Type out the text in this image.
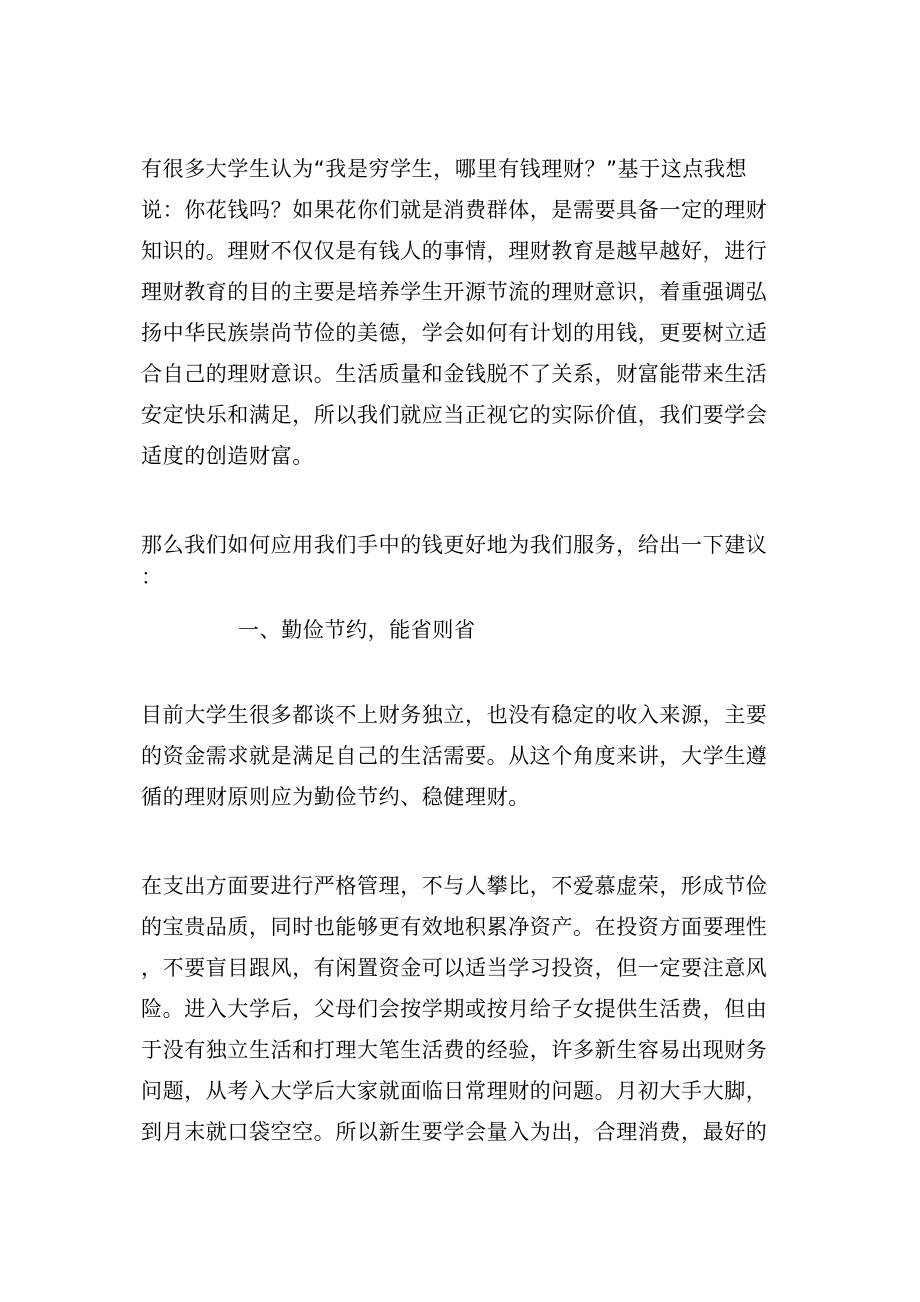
有很多大学生认为“我是穷学生，哪里有钱理财？”基于这点我想
说：你花钱吗？如果花你们就是消费群体，是需要具备一定的理财
知识的。理财不仅仅是有钱人的事情，理财教育是越早越好，进行
理财教育的目的主要是培养学生开源节流的理财意识，着重强调弘
扬中华民族崇尚节俭的美德，学会如何有计划的用钱，更要树立适
合自己的理财意识。生活质量和金钱脱不了关系，财富能带来生活
安定快乐和满足，所以我们就应当正视它的实际价值，我们要学会
适度的创造财富。
那么我们如何应用我们手中的钱更好地为我们服务，给出一下建议
：
一、勤俭节约，能省则省
目前大学生很多都谈不上财务独立，也没有稳定的收入来源，主要
的资金需求就是满足自己的生活需要。从这个角度来讲，大学生遵
循的理财原则应为勤俭节约、稳健理财。
在支出方面要进行严格管理，不与人攀比，不爱慕虚荣，形成节俭
的宝贵品质，同时也能够更有效地积累净资产。在投资方面要理性
，不要盲目跟风，有闲置资金可以适当学习投资，但一定要注意风
险。进入大学后，父母们会按学期或按月给子女提供生活费，但由
于没有独立生活和打理大笔生活费的经验，许多新生容易出现财务
问题，从考入大学后大家就面临日常理财的问题。月初大手大脚，
到月末就口袋空空。所以新生要学会量入为出，合理消费，最好的
